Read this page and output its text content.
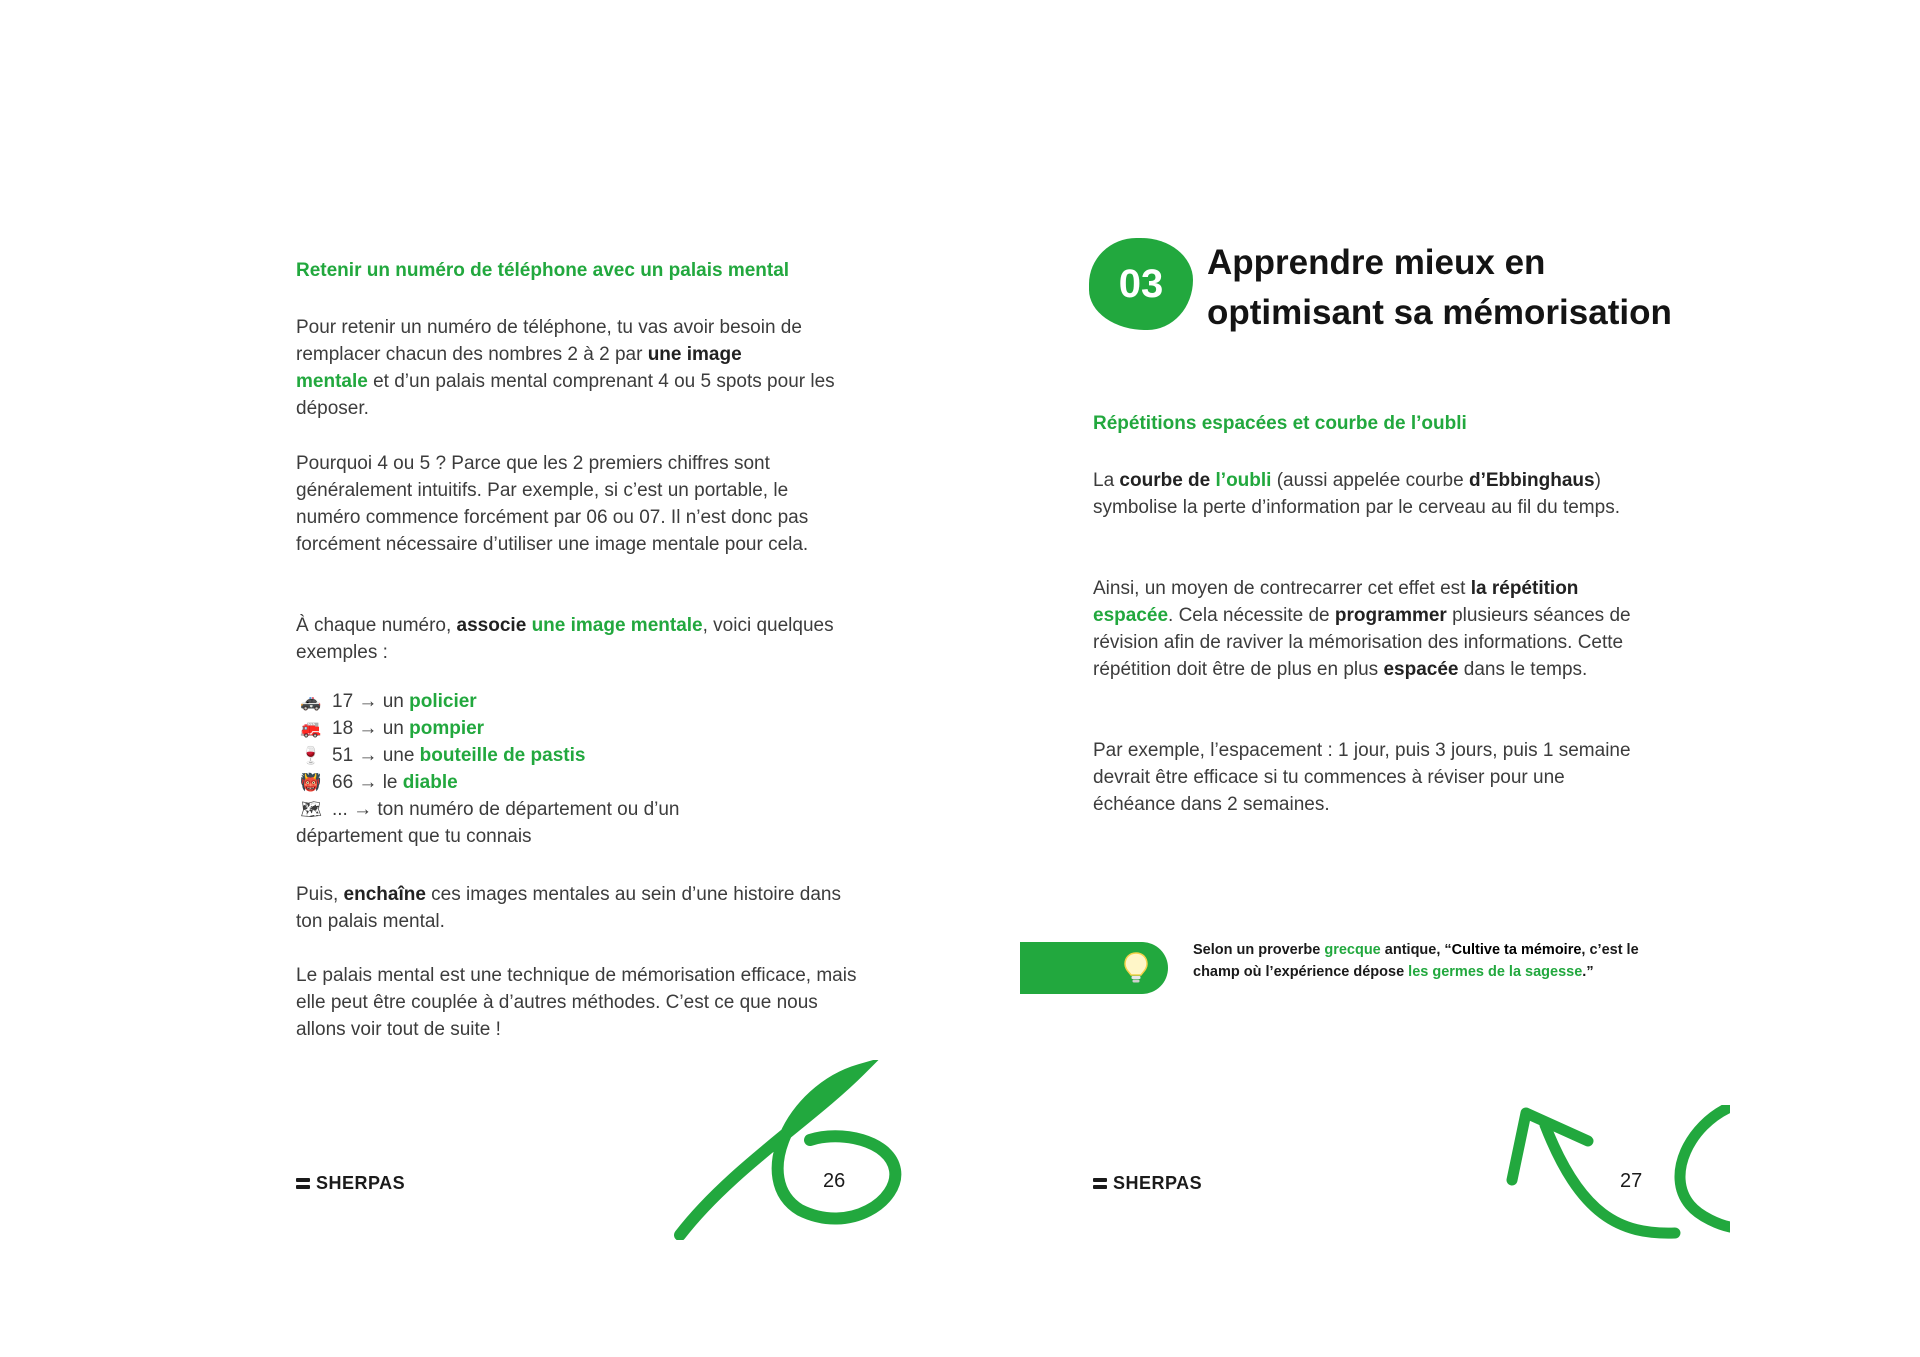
Retenir un numéro de téléphone avec un palais mental

Pour retenir un numéro de téléphone, tu vas avoir besoin de remplacer chacun des nombres 2 à 2 par une image
mentale et d’un palais mental comprenant 4 ou 5 spots pour les déposer.

Pourquoi 4 ou 5 ? Parce que les 2 premiers chiffres sont généralement intuitifs. Par exemple, si c’est un portable, le numéro commence forcément par 06 ou 07. Il n’est donc pas forcément nécessaire d’utiliser une image mentale pour cela.

À chaque numéro, associe une image mentale, voici quelques exemples :

🚓 17 → un policier
🚒 18 → un pompier
🍷 51 → une bouteille de pastis
👹 66 → le diable
🗺 ... → ton numéro de département ou d’un département que tu connais

Puis, enchaîne ces images mentales au sein d’une histoire dans ton palais mental.

Le palais mental est une technique de mémorisation efficace, mais elle peut être couplée à d’autres méthodes. C’est ce que nous allons voir tout de suite !

SHERPAS	26
03	Apprendre mieux en optimisant sa mémorisation
Répétitions espacées et courbe de l’oubli

La courbe de l’oubli (aussi appelée courbe d’Ebbinghaus) symbolise la perte d’information par le cerveau au fil du temps.

Ainsi, un moyen de contrecarrer cet effet est la répétition espacée. Cela nécessite de programmer plusieurs séances de révision afin de raviver la mémorisation des informations. Cette répétition doit être de plus en plus espacée dans le temps.

Par exemple, l’espacement : 1 jour, puis 3 jours, puis 1 semaine devrait être efficace si tu commences à réviser pour une échéance dans 2 semaines.

Selon un proverbe grecque antique, “Cultive ta mémoire, c’est le champ où l’expérience dépose les germes de la sagesse.”

SHERPAS	27
